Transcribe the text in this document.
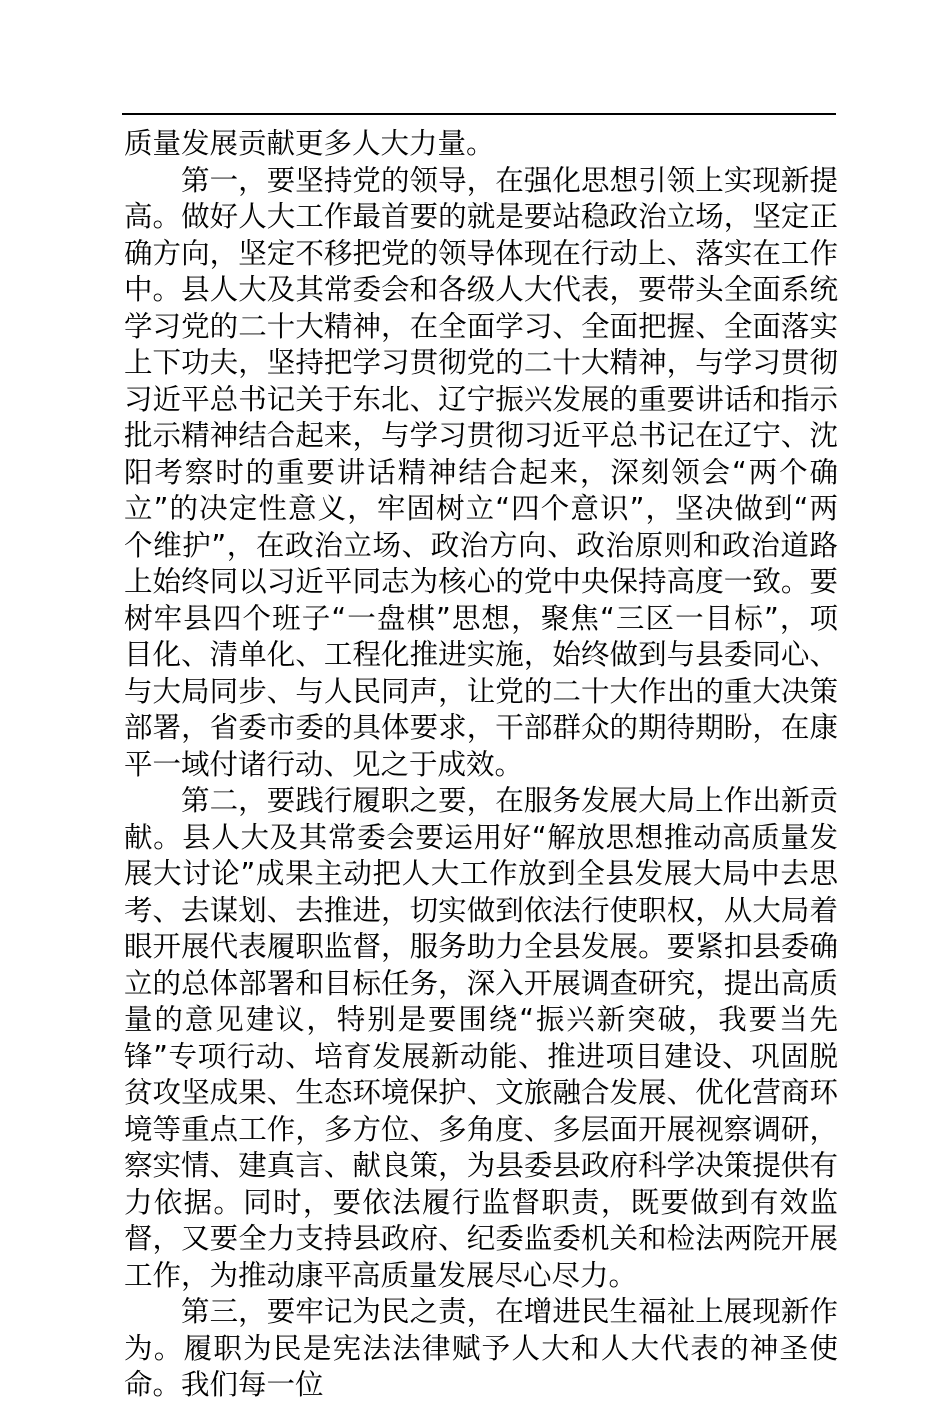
质量发展贡献更多人大力量。

第一，要坚持党的领导，在强化思想引领上实现新提高。做好人大工作最首要的就是要站稳政治立场，坚定正确方向，坚定不移把党的领导体现在行动上、落实在工作中。县人大及其常委会和各级人大代表，要带头全面系统学习党的二十大精神，在全面学习、全面把握、全面落实上下功夫，坚持把学习贯彻党的二十大精神，与学习贯彻习近平总书记关于东北、辽宁振兴发展的重要讲话和指示批示精神结合起来，与学习贯彻习近平总书记在辽宁、沈阳考察时的重要讲话精神结合起来，深刻领会“两个确立”的决定性意义，牢固树立“四个意识”，坚决做到“两个维护”，在政治立场、政治方向、政治原则和政治道路上始终同以习近平同志为核心的党中央保持高度一致。要树牢县四个班子“一盘棋”思想，聚焦“三区一目标”，项目化、清单化、工程化推进实施，始终做到与县委同心、与大局同步、与人民同声，让党的二十大作出的重大决策部署，省委市委的具体要求，干部群众的期待期盼，在康平一域付诸行动、见之于成效。

第二，要践行履职之要，在服务发展大局上作出新贡献。县人大及其常委会要运用好“解放思想推动高质量发展大讨论”成果主动把人大工作放到全县发展大局中去思考、去谋划、去推进，切实做到依法行使职权，从大局着眼开展代表履职监督，服务助力全县发展。要紧扣县委确立的总体部署和目标任务，深入开展调查研究，提出高质量的意见建议，特别是要围绕“振兴新突破，我要当先锋”专项行动、培育发展新动能、推进项目建设、巩固脱贫攻坚成果、生态环境保护、文旅融合发展、优化营商环境等重点工作，多方位、多角度、多层面开展视察调研，察实情、建真言、献良策，为县委县政府科学决策提供有力依据。同时，要依法履行监督职责，既要做到有效监督，又要全力支持县政府、纪委监委机关和检法两院开展工作，为推动康平高质量发展尽心尽力。

第三，要牢记为民之责，在增进民生福祉上展现新作为。履职为民是宪法法律赋予人大和人大代表的神圣使命。我们每一位
